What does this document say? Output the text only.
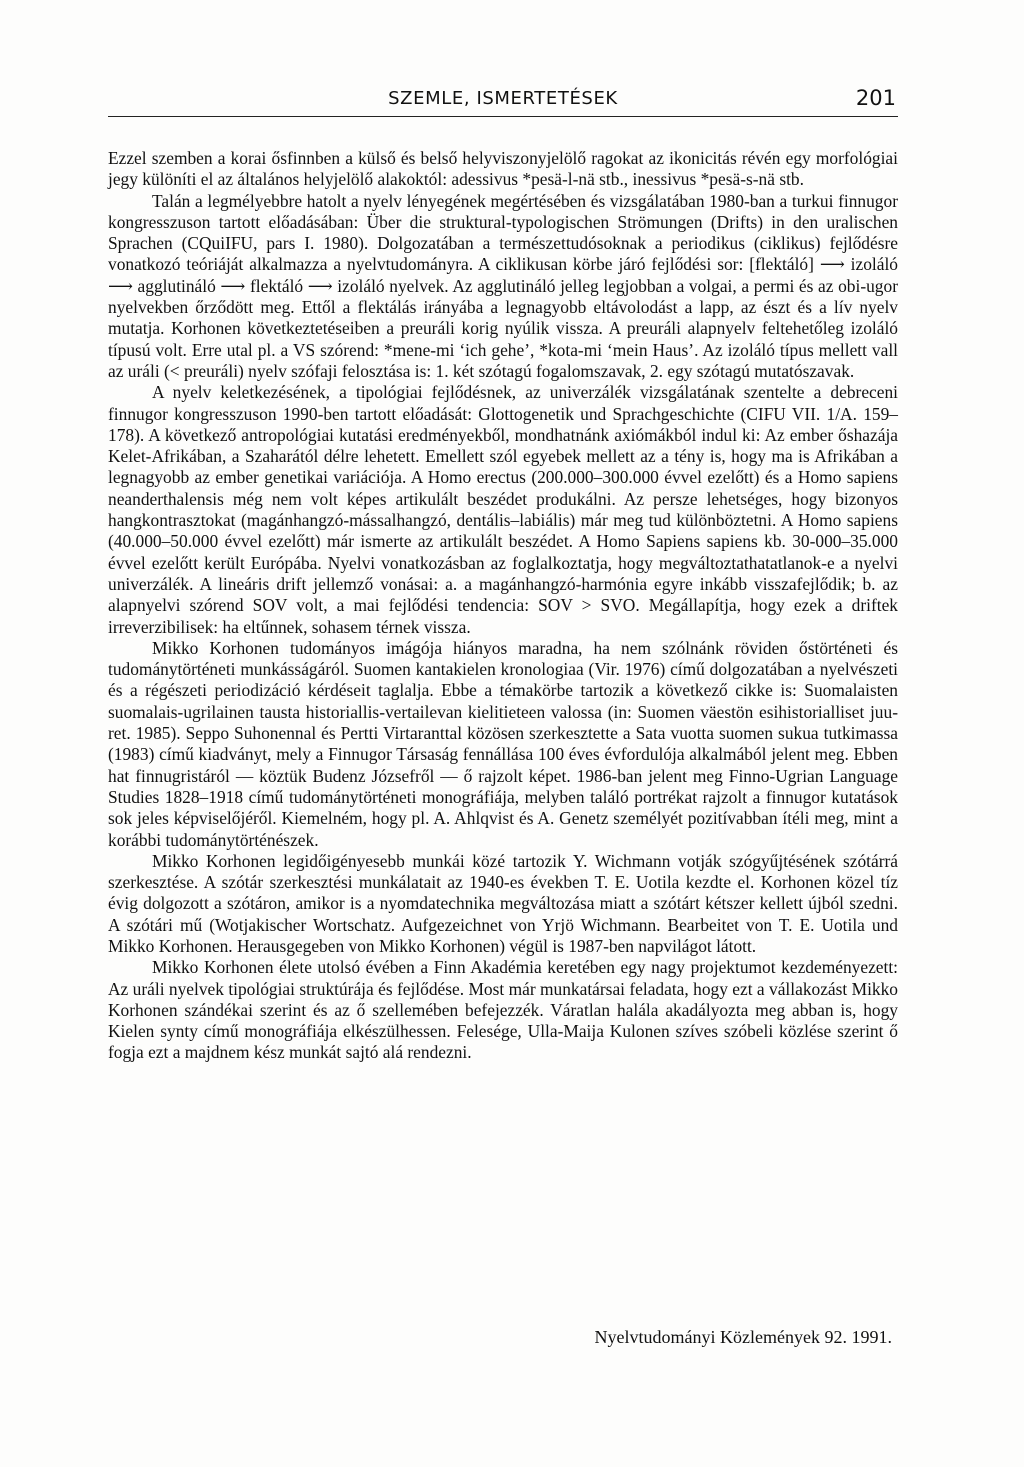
SZEMLE, ISMERTETÉSEK	201

Ezzel szemben a korai ősfinnben a külső és belső helyviszonyjelölő ragokat az ikonicitás révén egy morfológiai jegy különíti el az általános helyjelölő alakoktól: adessivus *pesä-l-nä stb., inessivus *pesä-s-nä stb.

Talán a legmélyebbre hatolt a nyelv lényegének megértésében és vizsgálatában 1980-ban a turkui finnugor kongresszuson tartott előadásában: Über die struktural-typologischen Strömungen (Drifts) in den uralischen Sprachen (CQuiIFU, pars I. 1980). Dolgozatában a természettudósoknak a periodikus (ciklikus) fejlődésre vonatkozó teóriáját alkalmazza a nyelvtudományra. A ciklikusan körbe járó fejlődési sor: [flektáló] ⟶ izoláló ⟶ agglutináló ⟶ flektáló ⟶ izoláló nyelvek. Az agglutináló jelleg legjobban a volgai, a permi és az obi-ugor nyelvekben őrződött meg. Ettől a flektálás irányába a legnagyobb eltávolodást a lapp, az észt és a lív nyelv mutatja. Korhonen következtetéseiben a preuráli korig nyúlik vissza. A preuráli alapnyelv feltehetőleg izoláló típusú volt. Erre utal pl. a VS szórend: *mene-mi ‘ich gehe’, *kota-mi ‘mein Haus’. Az izoláló típus mellett vall az uráli (< preuráli) nyelv szófaji felosztása is: 1. két szótagú fogalomszavak, 2. egy szótagú mutatószavak.

A nyelv keletkezésének, a tipológiai fejlődésnek, az univerzálék vizsgálatának szentelte a debreceni finnugor kongresszuson 1990-ben tartott előadását: Glottogenetik und Sprachgeschichte (CIFU VII. 1/A. 159–178). A következő antropológiai kutatási eredményekből, mondhatnánk axiómákból indul ki: Az ember őshazája Kelet-Afrikában, a Szaharától délre lehetett. Emellett szól egyebek mellett az a tény is, hogy ma is Afrikában a legnagyobb az ember genetikai variációja. A Homo erectus (200.000–300.000 évvel ezelőtt) és a Homo sapiens neanderthalensis még nem volt képes artikulált beszédet produkálni. Az persze lehetséges, hogy bizonyos hangkontrasztokat (magánhangzó-mássalhangzó, dentális–labiális) már meg tud különböztetni. A Homo sapiens (40.000–50.000 évvel ezelőtt) már ismerte az artikulált beszédet. A Homo Sapiens sapiens kb. 30-000–35.000 évvel ezelőtt került Európába. Nyelvi vonatkozásban az foglalkoztatja, hogy megváltoztathatatlanok-e a nyelvi univerzálék. A lineáris drift jellemző vonásai: a. a magánhangzó-harmónia egyre inkább visszafejlődik; b. az alapnyelvi szórend SOV volt, a mai fejlődési tendencia: SOV > SVO. Megállapítja, hogy ezek a driftek irreverzibilisek: ha eltűnnek, sohasem térnek vissza.

Mikko Korhonen tudományos imágója hiányos maradna, ha nem szólnánk röviden őstörténeti és tudománytörténeti munkásságáról. Suomen kantakielen kronologiaa (Vir. 1976) című dolgozatában a nyelvészeti és a régészeti periodizáció kérdéseit taglalja. Ebbe a témakörbe tartozik a következő cikke is: Suomalaisten suomalais-ugrilainen tausta historiallis-vertailevan kielitieteen valossa (in: Suomen väestön esihistorialliset juuret. 1985). Seppo Suhonennal és Pertti Virtaranttal közösen szerkesztette a Sata vuotta suomen sukua tutkimassa (1983) című kiadványt, mely a Finnugor Társaság fennállása 100 éves évfordulója alkalmából jelent meg. Ebben hat finnugristáról — köztük Budenz Józsefről — ő rajzolt képet. 1986-ban jelent meg Finno-Ugrian Language Studies 1828–1918 című tudománytörténeti monográfiája, melyben találó portrékat rajzolt a finnugor kutatások sok jeles képviselőjéről. Kiemelném, hogy pl. A. Ahlqvist és A. Genetz személyét pozitívabban ítéli meg, mint a korábbi tudománytörténészek.

Mikko Korhonen legidőigényesebb munkái közé tartozik Y. Wichmann votják szógyűjtésének szótárrá szerkesztése. A szótár szerkesztési munkálatait az 1940-es években T. E. Uotila kezdte el. Korhonen közel tíz évig dolgozott a szótáron, amikor is a nyomdatechnika megváltozása miatt a szótárt kétszer kellett újból szedni. A szótári mű (Wotjakischer Wortschatz. Aufgezeichnet von Yrjö Wichmann. Bearbeitet von T. E. Uotila und Mikko Korhonen. Herausgegeben von Mikko Korhonen) végül is 1987-ben napvilágot látott.

Mikko Korhonen élete utolsó évében a Finn Akadémia keretében egy nagy projektumot kezdeményezett: Az uráli nyelvek tipológiai struktúrája és fejlődése. Most már munkatársai feladata, hogy ezt a vállakozást Mikko Korhonen szándékai szerint és az ő szellemében befejezzék. Váratlan halála akadályozta meg abban is, hogy Kielen synty című monográfiája elkészülhessen. Felesége, Ulla-Maija Kulonen szíves szóbeli közlése szerint ő fogja ezt a majdnem kész munkát sajtó alá rendezni.

Nyelvtudományi Közlemények 92. 1991.
